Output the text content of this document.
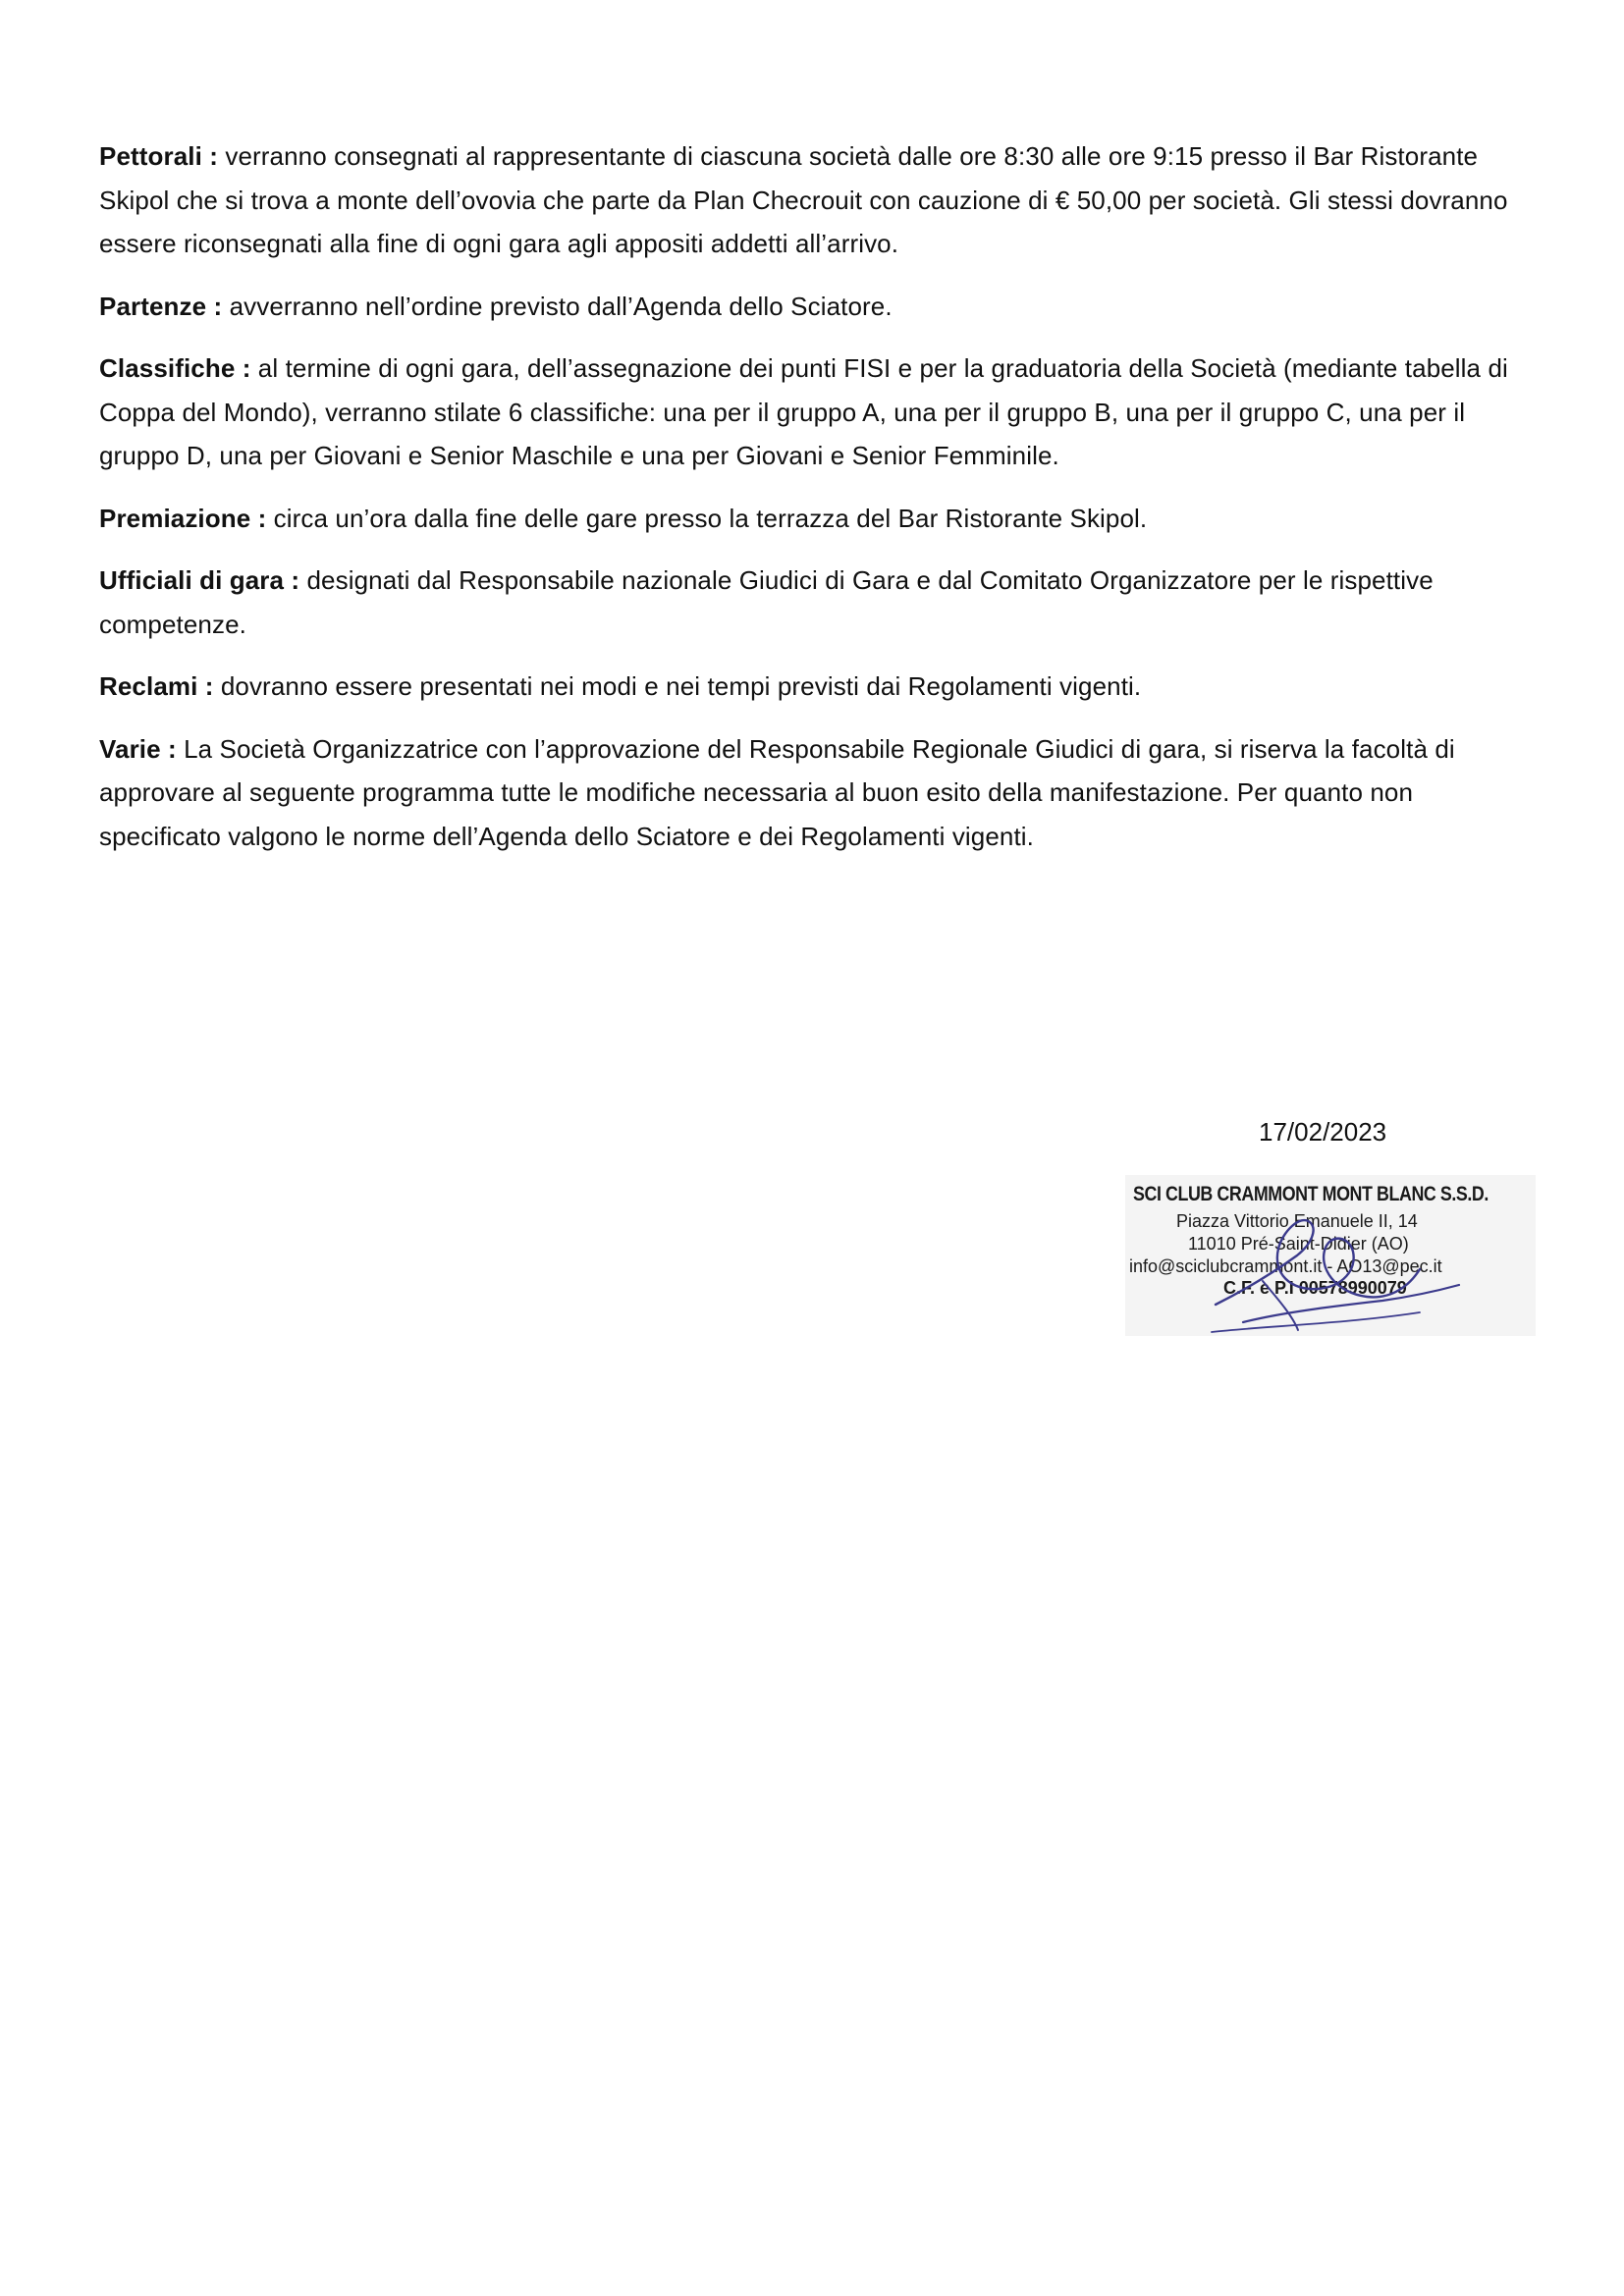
Pettorali : verranno consegnati al rappresentante di ciascuna società dalle ore 8:30 alle ore 9:15 presso il Bar Ristorante Skipol che si trova a monte dell’ovovia che parte da Plan Checrouit con cauzione di € 50,00 per società. Gli stessi dovranno essere riconsegnati alla fine di ogni gara agli appositi addetti all’arrivo.

Partenze : avverranno nell’ordine previsto dall’Agenda dello Sciatore.

Classifiche : al termine di ogni gara, dell’assegnazione dei punti FISI e per la graduatoria della Società (mediante tabella di Coppa del Mondo), verranno stilate 6 classifiche: una per il gruppo A, una per il gruppo B, una per il gruppo C, una per il gruppo D, una per Giovani e Senior Maschile e una per Giovani e Senior Femminile.

Premiazione : circa un’ora dalla fine delle gare presso la terrazza del Bar Ristorante Skipol.

Ufficiali di gara : designati dal Responsabile nazionale Giudici di Gara e dal Comitato Organizzatore per le rispettive competenze.

Reclami : dovranno essere presentati nei modi e nei tempi previsti dai Regolamenti vigenti.

Varie : La Società Organizzatrice con l’approvazione del Responsabile Regionale Giudici di gara, si riserva la facoltà di approvare al seguente programma tutte le modifiche necessaria al buon esito della manifestazione. Per quanto non specificato valgono le norme dell’Agenda dello Sciatore e dei Regolamenti vigenti.

17/02/2023
SCI CLUB CRAMMONT MONT BLANC S.S.D.
Piazza Vittorio Emanuele II, 14
11010 Pré-Saint-Didier (AO)
info@sciclubcrammont.it - AO13@pec.it
C.F. e P.I 00578990079
